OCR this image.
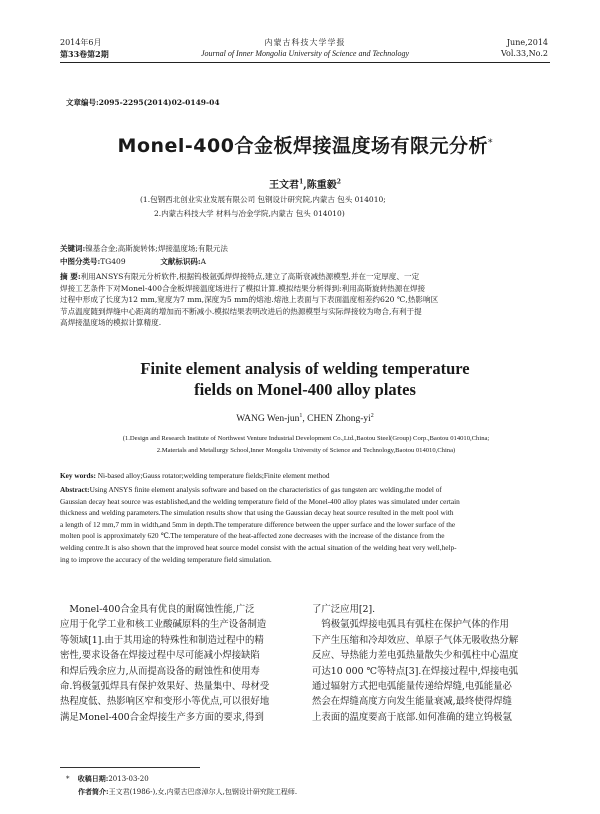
2014年6月
第33卷第2期
内蒙古科技大学学报
Journal of Inner Mongolia University of Science and Technology
June,2014
Vol.33,No.2
文章编号:2095-2295(2014)02-0149-04
Monel-400合金板焊接温度场有限元分析*
王文君$^1$,陈重毅$^2$
(1.包钢西北创业实业发展有限公司 包钢设计研究院,内蒙古 包头 014010;
2.内蒙古科技大学 材料与冶金学院,内蒙古 包头 014010)
关键词:镍基合金;高斯旋转体;焊接温度场;有限元法
中图分类号:TG409	文献标识码:A
摘 要:利用ANSYS有限元分析软件,根据钨极氩弧焊焊接特点,建立了高斯衰减热源模型,并在一定厚度、一定
焊接工艺条件下对Monel-400合金板焊接温度场进行了模拟计算.模拟结果分析得到:利用高斯旋转热源在焊接
过程中形成了长度为12 mm,宽度为7 mm,深度为5 mm的熔池.熔池上表面与下表面温度相差约620 ℃,热影响区
节点温度随到焊缝中心距离的增加而不断减小.模拟结果表明改进后的热源模型与实际焊接较为吻合,有利于提
高焊接温度场的模拟计算精度.
Finite element analysis of welding temperature
fields on Monel-400 alloy plates
WANG Wen-jun$^1$, CHEN Zhong-$yi^2$
(1.Design and Research Institute of Northwest Venture Industrial Development Co.,Ltd.,Baotou Steel(Group) Corp.,Baotou 014010,China;
2.Materials and Metallurgy School,Inner Mongolia University of Science and Technology,Baotou 014010,China)
Key words: Ni-based alloy;Gauss rotator;welding temperature fields;Finite element method
Abstract:Using ANSYS finite element analysis software and based on the characteristics of gas tungsten arc welding,the model of
Gaussian decay heat source was established,and the welding temperature field of the Monel-400 alloy plates was simulated under certain
thickness and welding parameters.The simulation results show that using the Gaussian decay heat source resulted in the melt pool with
a length of 12 mm,7 mm in width,and 5mm in depth.The temperature difference between the upper surface and the lower surface of the
molten pool is approximately 620 ℃.The temperature of the heat-affected zone decreases with the increase of the distance from the
welding centre.It is also shown that the improved heat source model consist with the actual situation of the welding heat very well,help-
ing to improve the accuracy of the welding temperature field simulation.
Monel-400合金具有优良的耐腐蚀性能,广泛
应用于化学工业和核工业酸碱原料的生产设备制造
等领域[1].由于其用途的特殊性和制造过程中的精
密性,要求设备在焊接过程中尽可能减小焊接缺陷
和焊后残余应力,从而提高设备的耐蚀性和使用寿
命.钨极氩弧焊具有保护效果好、热量集中、母材受
热程度低、热影响区窄和变形小等优点,可以很好地
满足Monel-400合金焊接生产多方面的要求,得到
了广泛应用[2].
钨极氩弧焊接电弧具有弧柱在保护气体的作用
下产生压缩和冷却效应、单原子气体无吸收热分解
反应、导热能力差电弧热量散失少和弧柱中心温度
可达10 000 ℃等特点[3].在焊接过程中,焊接电弧
通过辐射方式把电弧能量传递给焊缝,电弧能量必
然会在焊缝高度方向发生能量衰减,最终使得焊缝
上表面的温度要高于底部.如何准确的建立钨极氩
* 收稿日期:2013-03-20
作者简介:王文君(1986-),女,内蒙古巴彦淖尔人,包钢设计研究院工程师.
